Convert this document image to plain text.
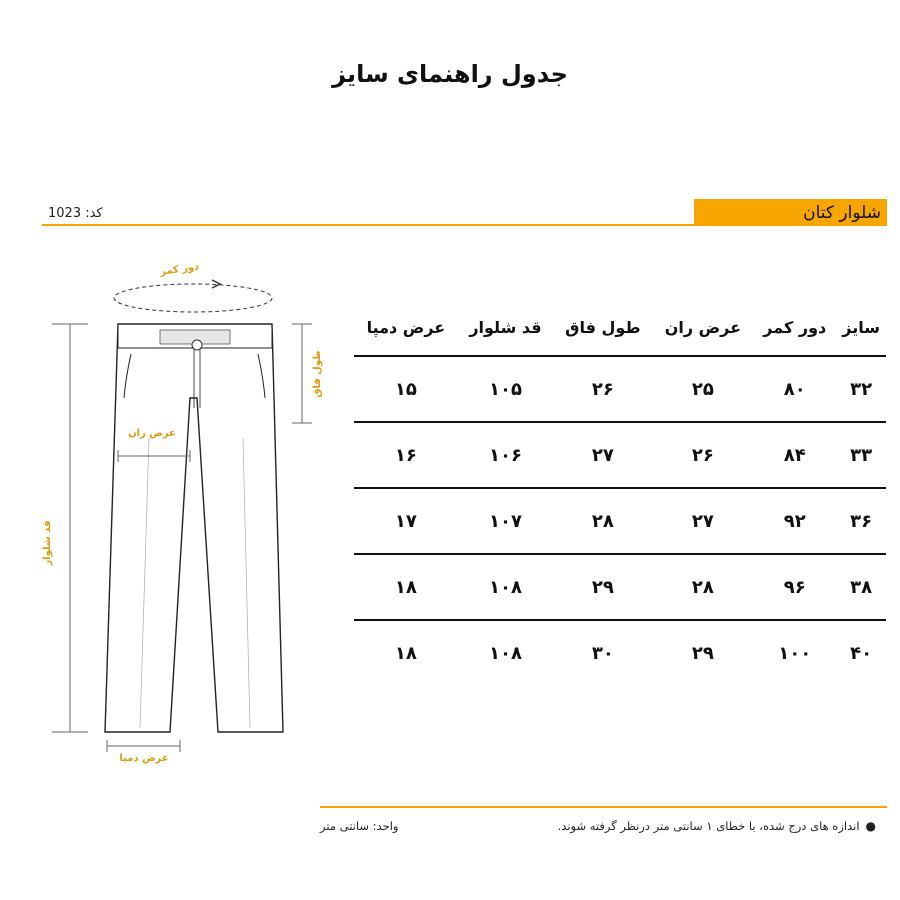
جدول راهنمای سایز
کد: 1023	شلوار کتان
دور کمر
قد شلوار
طول فاق
عرض ران
عرض دمپا
سایز	دور کمر	عرض ران	طول فاق	قد شلوار	عرض دمپا
۳۲	۸۰	۲۵	۲۶	۱۰۵	۱۵
۳۳	۸۴	۲۶	۲۷	۱۰۶	۱۶
۳۶	۹۲	۲۷	۲۸	۱۰۷	۱۷
۳۸	۹۶	۲۸	۲۹	۱۰۸	۱۸
۴۰	۱۰۰	۲۹	۳۰	۱۰۸	۱۸
●اندازه های درج شده، با خطای ۱ سانتی متر درنظر گرفته شوند.
واحد: سانتی متر
